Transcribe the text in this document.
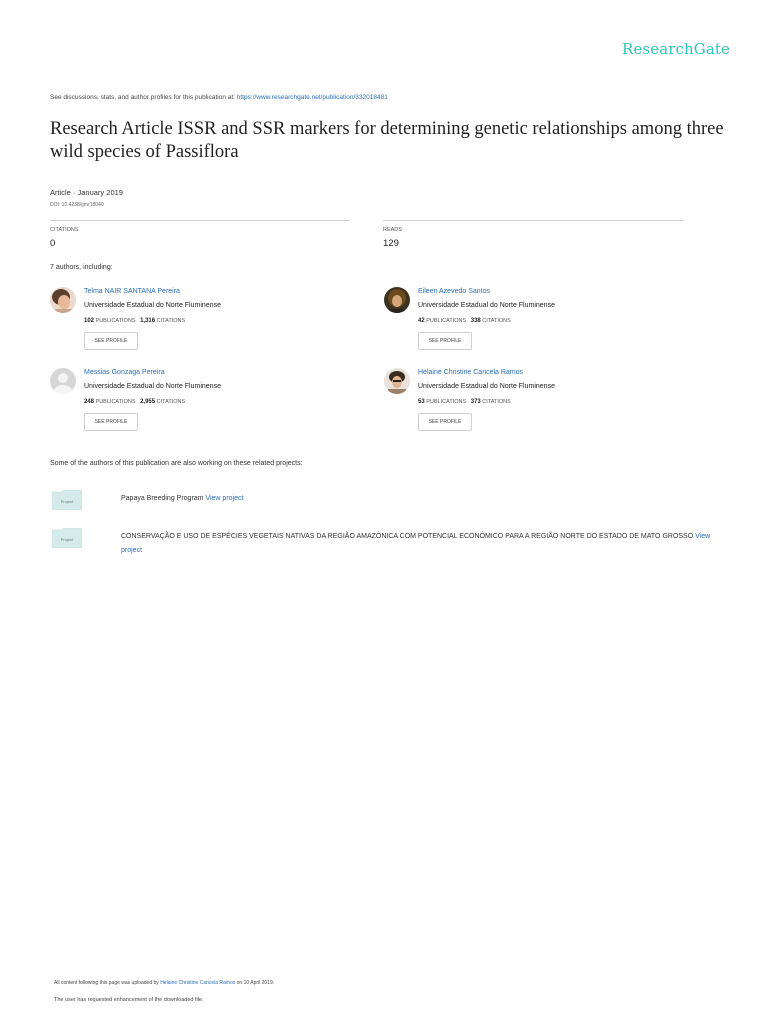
ResearchGate
See discussions, stats, and author profiles for this publication at: https://www.researchgate.net/publication/332018481
Research Article ISSR and SSR markers for determining genetic relationships among three wild species of Passiflora
Article · January 2019
DOI: 10.4238/gmr18040
CITATIONS
0
READS
129
7 authors, including:
Telma NAIR SANTANA Pereira
Universidade Estadual do Norte Fluminense
102 PUBLICATIONS 1,316 CITATIONS
SEE PROFILE
Eileen Azevedo Santos
Universidade Estadual do Norte Fluminense
42 PUBLICATIONS 338 CITATIONS
SEE PROFILE
Messias Gonzaga Pereira
Universidade Estadual do Norte Fluminense
248 PUBLICATIONS 2,955 CITATIONS
SEE PROFILE
Helaine Christine Cancela Ramos
Universidade Estadual do Norte Fluminense
53 PUBLICATIONS 373 CITATIONS
SEE PROFILE
Some of the authors of this publication are also working on these related projects:
Project	Papaya Breeding Program View project
Project	CONSERVAÇÃO E USO DE ESPÉCIES VEGETAIS NATIVAS DA REGIÃO AMAZÔNICA COM POTENCIAL ECONÔMICO PARA A REGIÃO NORTE DO ESTADO DE MATO GROSSO View project
All content following this page was uploaded by Helaine Christine Cancela Ramos on 10 April 2019.
The user has requested enhancement of the downloaded file.
